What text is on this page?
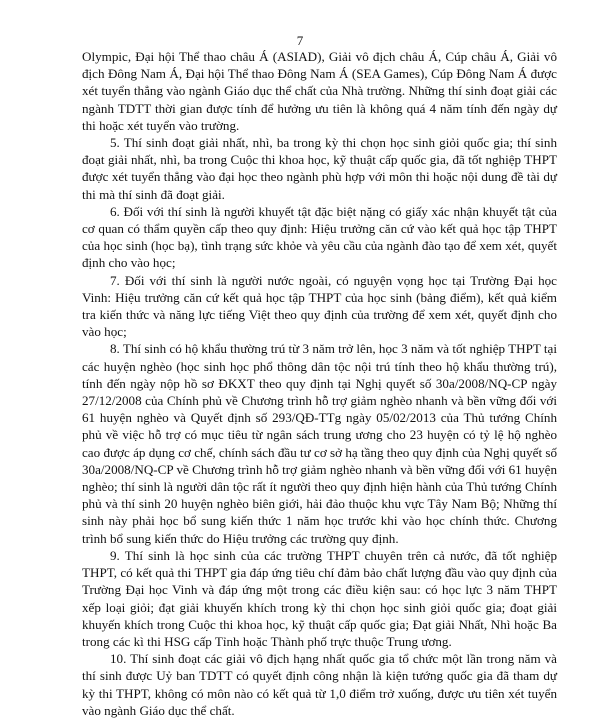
7

Olympic, Đại hội Thể thao châu Á (ASIAD), Giải vô địch châu Á, Cúp châu Á, Giải vô địch Đông Nam Á, Đại hội Thể thao Đông Nam Á (SEA Games), Cúp Đông Nam Á được xét tuyển thẳng vào ngành Giáo dục thể chất của Nhà trường. Những thí sinh đoạt giải các ngành TDTT thời gian được tính để hưởng ưu tiên là không quá 4 năm tính đến ngày dự thi hoặc xét tuyển vào trường.

5. Thí sinh đoạt giải nhất, nhì, ba trong kỳ thi chọn học sinh giỏi quốc gia; thí sinh đoạt giải nhất, nhì, ba trong Cuộc thi khoa học, kỹ thuật cấp quốc gia, đã tốt nghiệp THPT được xét tuyển thẳng vào đại học theo ngành phù hợp với môn thi hoặc nội dung đề tài dự thi mà thí sinh đã đoạt giải.

6. Đối với thí sinh là người khuyết tật đặc biệt nặng có giấy xác nhận khuyết tật của cơ quan có thẩm quyền cấp theo quy định: Hiệu trưởng căn cứ vào kết quả học tập THPT của học sinh (học bạ), tình trạng sức khỏe và yêu cầu của ngành đào tạo để xem xét, quyết định cho vào học;

7. Đối với thí sinh là người nước ngoài, có nguyện vọng học tại Trường Đại học Vinh: Hiệu trưởng căn cứ kết quả học tập THPT của học sinh (bảng điểm), kết quả kiểm tra kiến thức và năng lực tiếng Việt theo quy định của trường để xem xét, quyết định cho vào học;

8. Thí sinh có hộ khẩu thường trú từ 3 năm trở lên, học 3 năm và tốt nghiệp THPT tại các huyện nghèo (học sinh học phổ thông dân tộc nội trú tính theo hộ khẩu thường trú), tính đến ngày nộp hồ sơ ĐKXT theo quy định tại Nghị quyết số 30a/2008/NQ-CP ngày 27/12/2008 của Chính phủ về Chương trình hỗ trợ giảm nghèo nhanh và bền vững đối với 61 huyện nghèo và Quyết định số 293/QĐ-TTg ngày 05/02/2013 của Thủ tướng Chính phủ về việc hỗ trợ có mục tiêu từ ngân sách trung ương cho 23 huyện có tỷ lệ hộ nghèo cao được áp dụng cơ chế, chính sách đầu tư cơ sở hạ tầng theo quy định của Nghị quyết số 30a/2008/NQ-CP về Chương trình hỗ trợ giảm nghèo nhanh và bền vững đối với 61 huyện nghèo; thí sinh là người dân tộc rất ít người theo quy định hiện hành của Thủ tướng Chính phủ và thí sinh 20 huyện nghèo biên giới, hải đảo thuộc khu vực Tây Nam Bộ; Những thí sinh này phải học bổ sung kiến thức 1 năm học trước khi vào học chính thức. Chương trình bổ sung kiến thức do Hiệu trưởng các trường quy định.

9. Thí sinh là học sinh của các trường THPT chuyên trên cả nước, đã tốt nghiệp THPT, có kết quả thi THPT gia đáp ứng tiêu chí đảm bảo chất lượng đầu vào quy định của Trường Đại học Vinh và đáp ứng một trong các điều kiện sau: có học lực 3 năm THPT xếp loại giỏi; đạt giải khuyến khích trong kỳ thi chọn học sinh giỏi quốc gia; đoạt giải khuyến khích trong Cuộc thi khoa học, kỹ thuật cấp quốc gia; Đạt giải Nhất, Nhì hoặc Ba trong các kì thi HSG cấp Tỉnh hoặc Thành phố trực thuộc Trung ương.

10. Thí sinh đoạt các giải vô địch hạng nhất quốc gia tổ chức một lần trong năm và thí sinh được Uỷ ban TDTT có quyết định công nhận là kiện tướng quốc gia đã tham dự kỳ thi THPT, không có môn nào có kết quả từ 1,0 điểm trở xuống, được ưu tiên xét tuyển vào ngành Giáo dục thể chất.
